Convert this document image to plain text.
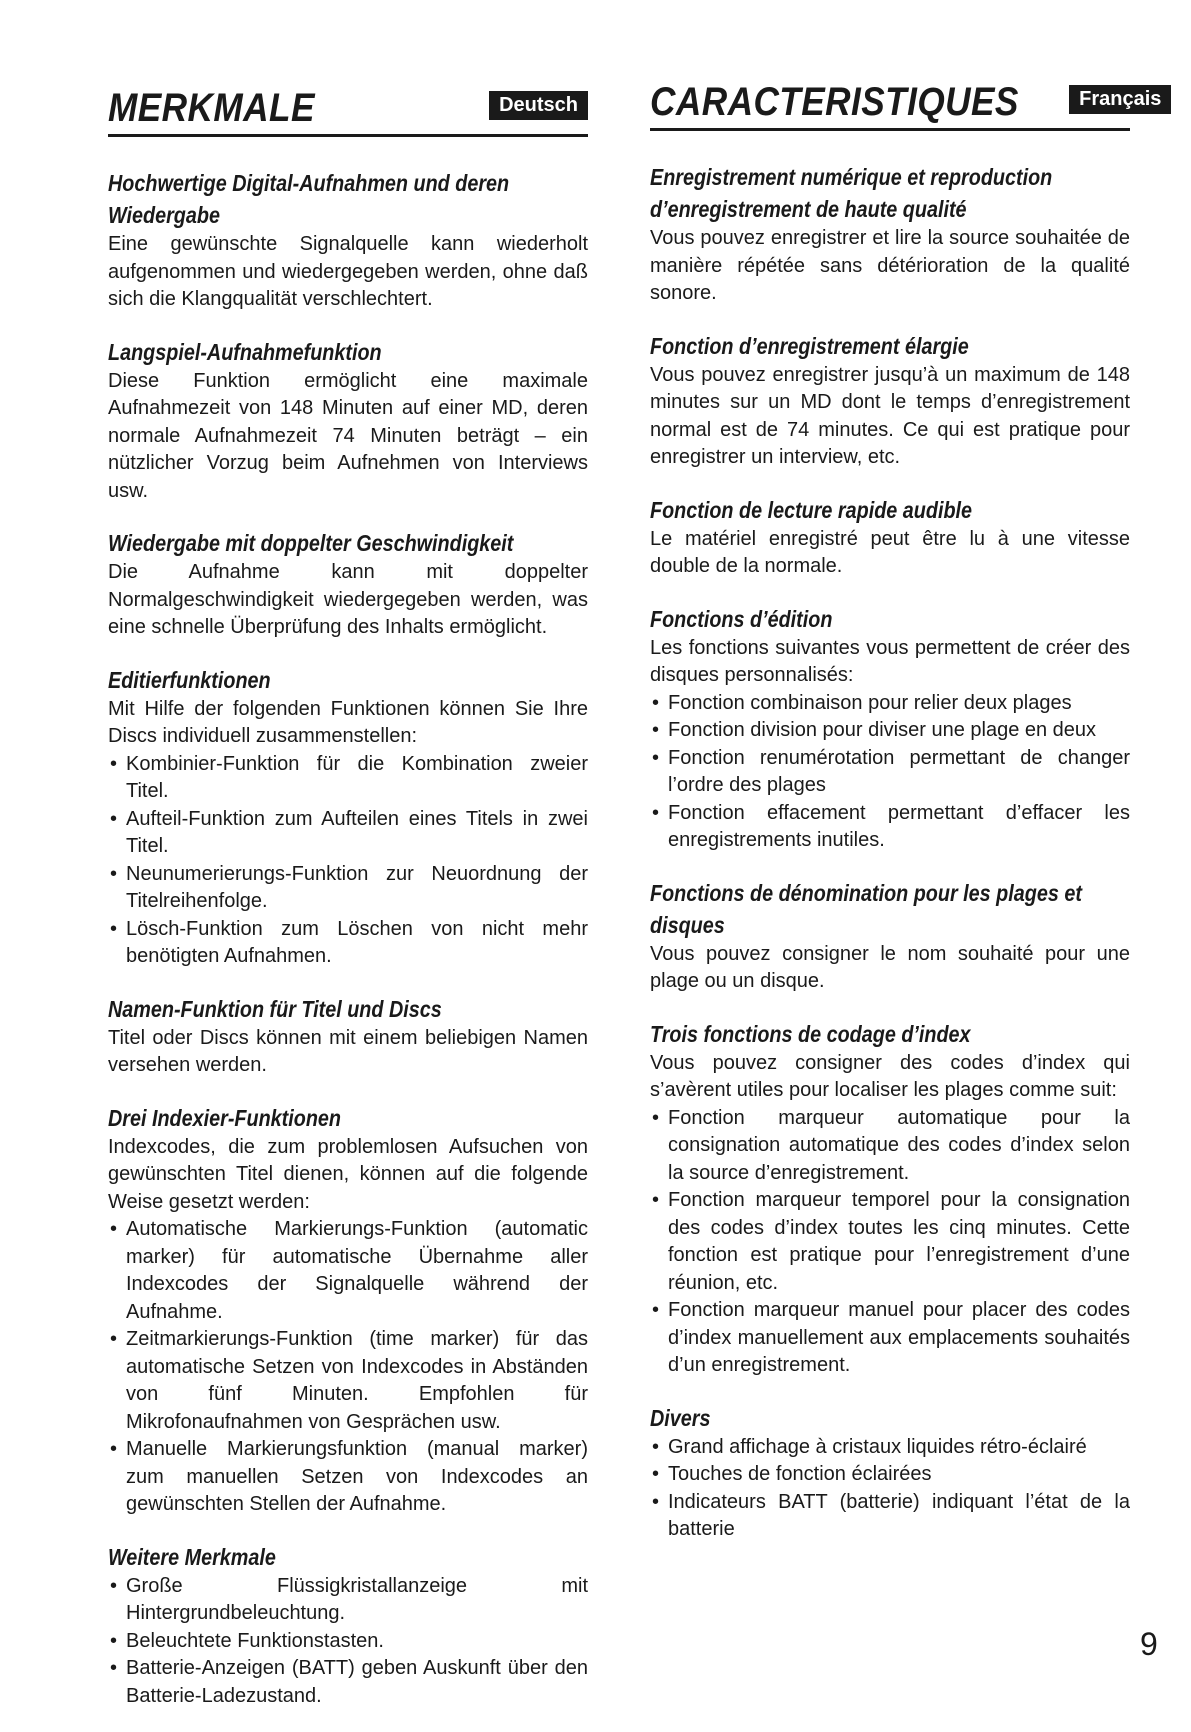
MERKMALE	Deutsch
Hochwertige Digital-Aufnahmen und deren Wiedergabe

Eine gewünschte Signalquelle kann wiederholt aufgenommen und wiedergegeben werden, ohne daß sich die Klangqualität verschlechtert.

Langspiel-Aufnahmefunktion

Diese Funktion ermöglicht eine maximale Aufnahmezeit von 148 Minuten auf einer MD, deren normale Aufnahmezeit 74 Minuten beträgt – ein nützlicher Vorzug beim Aufnehmen von Interviews usw.

Wiedergabe mit doppelter Geschwindigkeit

Die Aufnahme kann mit doppelter Normalgeschwindigkeit wiedergegeben werden, was eine schnelle Überprüfung des Inhalts ermöglicht.

Editierfunktionen

Mit Hilfe der folgenden Funktionen können Sie Ihre Discs individuell zusammenstellen:

• Kombinier-Funktion für die Kombination zweier Titel.
• Aufteil-Funktion zum Aufteilen eines Titels in zwei Titel.
• Neunumerierungs-Funktion zur Neuordnung der Titelreihenfolge.
• Lösch-Funktion zum Löschen von nicht mehr benötigten Aufnahmen.
Namen-Funktion für Titel und Discs

Titel oder Discs können mit einem beliebigen Namen versehen werden.

Drei Indexier-Funktionen

Indexcodes, die zum problemlosen Aufsuchen von gewünschten Titel dienen, können auf die folgende Weise gesetzt werden:

• Automatische Markierungs-Funktion (automatic marker) für automatische Übernahme aller Indexcodes der Signalquelle während der Aufnahme.
• Zeitmarkierungs-Funktion (time marker) für das automatische Setzen von Indexcodes in Abständen von fünf Minuten. Empfohlen für Mikrofonaufnahmen von Gesprächen usw.
• Manuelle Markierungsfunktion (manual marker) zum manuellen Setzen von Indexcodes an gewünschten Stellen der Aufnahme.
Weitere Merkmale
• Große Flüssigkristallanzeige mit Hintergrundbeleuchtung.
• Beleuchtete Funktionstasten.
• Batterie-Anzeigen (BATT) geben Auskunft über den Batterie-Ladezustand.
CARACTERISTIQUES	Français
Enregistrement numérique et reproduction d’enregistrement de haute qualité

Vous pouvez enregistrer et lire la source souhaitée de manière répétée sans détérioration de la qualité sonore.

Fonction d’enregistrement élargie

Vous pouvez enregistrer jusqu’à un maximum de 148 minutes sur un MD dont le temps d’enregistrement normal est de 74 minutes. Ce qui est pratique pour enregistrer un interview, etc.

Fonction de lecture rapide audible

Le matériel enregistré peut être lu à une vitesse double de la normale.

Fonctions d’édition

Les fonctions suivantes vous permettent de créer des disques personnalisés:

• Fonction combinaison pour relier deux plages
• Fonction division pour diviser une plage en deux
• Fonction renumérotation permettant de changer l’ordre des plages
• Fonction effacement permettant d’effacer les enregistrements inutiles.
Fonctions de dénomination pour les plages et disques

Vous pouvez consigner le nom souhaité pour une plage ou un disque.

Trois fonctions de codage d’index

Vous pouvez consigner des codes d’index qui s’avèrent utiles pour localiser les plages comme suit:

• Fonction marqueur automatique pour la consignation automatique des codes d’index selon la source d’enregistrement.
• Fonction marqueur temporel pour la consignation des codes d’index toutes les cinq minutes. Cette fonction est pratique pour l’enregistrement d’une réunion, etc.
• Fonction marqueur manuel pour placer des codes d’index manuellement aux emplacements souhaités d’un enregistrement.
Divers
• Grand affichage à cristaux liquides rétro-éclairé
• Touches de fonction éclairées
• Indicateurs BATT (batterie) indiquant l’état de la batterie
9
